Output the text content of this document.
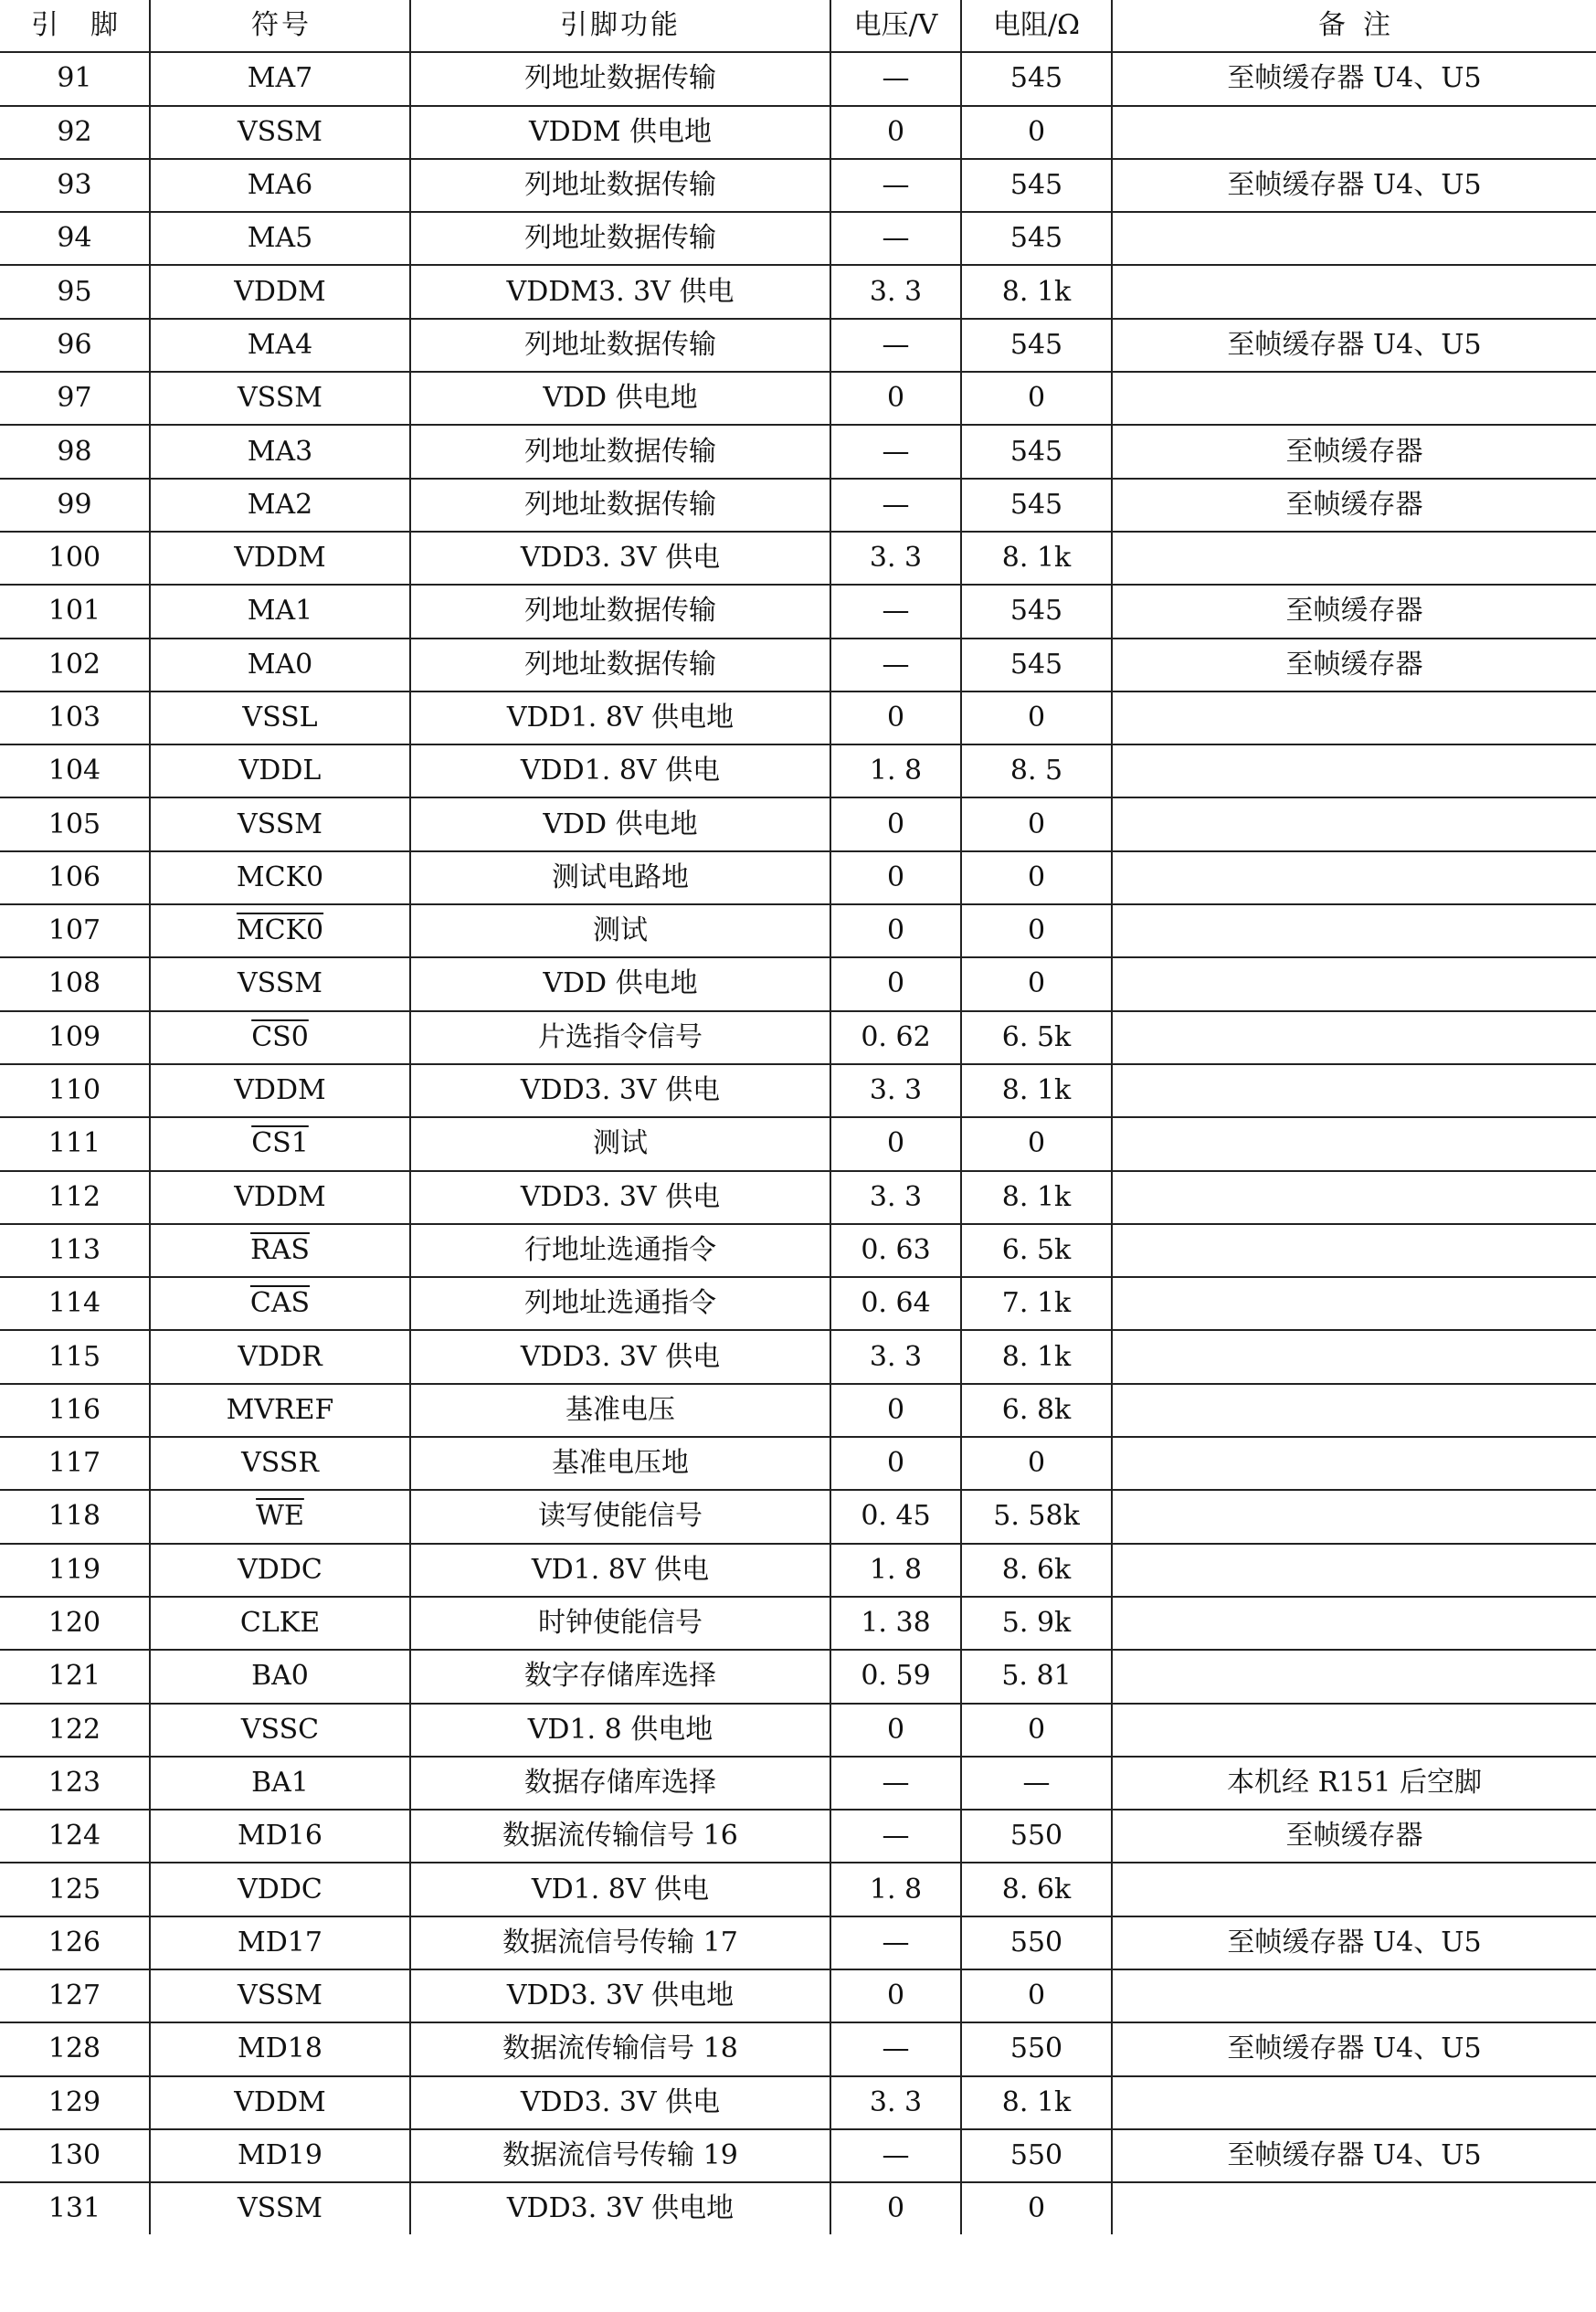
引 脚	符 号	引脚功能	电压/V	电阻/Ω	备 注

91	MA7	列地址数据传输	—	545	至帧缓存器 U4、U5
92	VSSM	VDDM 供电地	0	0	
93	MA6	列地址数据传输	—	545	至帧缓存器 U4、U5
94	MA5	列地址数据传输	—	545	
95	VDDM	VDDM3. 3V 供电	3. 3	8. 1k	
96	MA4	列地址数据传输	—	545	至帧缓存器 U4、U5
97	VSSM	VDD 供电地	0	0	
98	MA3	列地址数据传输	—	545	至帧缓存器
99	MA2	列地址数据传输	—	545	至帧缓存器
100	VDDM	VDD3. 3V 供电	3. 3	8. 1k	
101	MA1	列地址数据传输	—	545	至帧缓存器
102	MA0	列地址数据传输	—	545	至帧缓存器
103	VSSL	VDD1. 8V 供电地	0	0	
104	VDDL	VDD1. 8V 供电	1. 8	8. 5	
105	VSSM	VDD 供电地	0	0	
106	MCK0	测试电路地	0	0	
107	MCK0	测试	0	0	
108	VSSM	VDD 供电地	0	0	
109	CS0	片选指令信号	0. 62	6. 5k	
110	VDDM	VDD3. 3V 供电	3. 3	8. 1k	
111	CS1	测试	0	0	
112	VDDM	VDD3. 3V 供电	3. 3	8. 1k	
113	$\overline{RAS}$	行地址选通指令	0. 63	6. 5k	
114	$\overline{CAS}$	列地址选通指令	0. 64	7. 1k	
115	VDDR	VDD3. 3V 供电	3. 3	8. 1k	
116	MVREF	基准电压	0	6. 8k	
117	VSSR	基准电压地	0	0	
118	$\overline{WE}$	读写使能信号	0. 45	5. 58k	
119	VDDC	VD1. 8V 供电	1. 8	8. 6k	
120	CLKE	时钟使能信号	1. 38	5. 9k	
121	BA0	数字存储库选择	0. 59	5. 81	
122	VSSC	VD1. 8 供电地	0	0	
123	BA1	数据存储库选择	—	—	本机经 R151 后空脚
124	MD16	数据流传输信号 16	—	550	至帧缓存器
125	VDDC	VD1. 8V 供电	1. 8	8. 6k	
126	MD17	数据流信号传输 17	—	550	至帧缓存器 U4、U5
127	VSSM	VDD3. 3V 供电地	0	0	
128	MD18	数据流传输信号 18	—	550	至帧缓存器 U4、U5
129	VDDM	VDD3. 3V 供电	3. 3	8. 1k	
130	MD19	数据流信号传输 19	—	550	至帧缓存器 U4、U5
131	VSSM	VDD3. 3V 供电地	0	0	
